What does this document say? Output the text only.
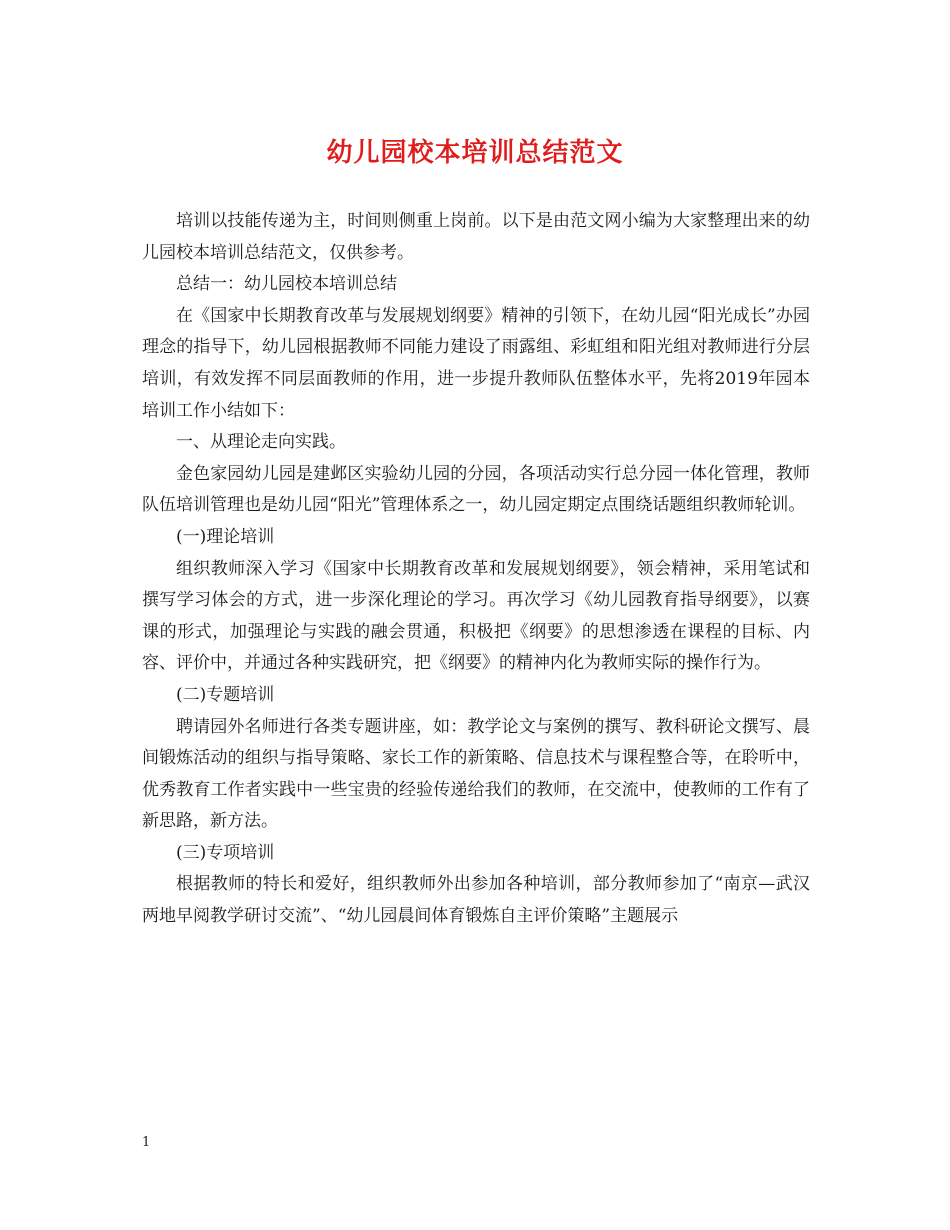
幼儿园校本培训总结范文

培训以技能传递为主，时间则侧重上岗前。以下是由范文网小编为大家整理出来的幼儿园校本培训总结范文，仅供参考。

总结一：幼儿园校本培训总结

在《国家中长期教育改革与发展规划纲要》精神的引领下，在幼儿园“阳光成长”办园理念的指导下，幼儿园根据教师不同能力建设了雨露组、彩虹组和阳光组对教师进行分层培训，有效发挥不同层面教师的作用，进一步提升教师队伍整体水平，先将2019年园本培训工作小结如下：

一、从理论走向实践。

金色家园幼儿园是建邺区实验幼儿园的分园，各项活动实行总分园一体化管理，教师队伍培训管理也是幼儿园“阳光”管理体系之一，幼儿园定期定点围绕话题组织教师轮训。

(一)理论培训

组织教师深入学习《国家中长期教育改革和发展规划纲要》，领会精神，采用笔试和撰写学习体会的方式，进一步深化理论的学习。再次学习《幼儿园教育指导纲要》，以赛课的形式，加强理论与实践的融会贯通，积极把《纲要》的思想渗透在课程的目标、内容、评价中，并通过各种实践研究，把《纲要》的精神内化为教师实际的操作行为。

(二)专题培训

聘请园外名师进行各类专题讲座，如：教学论文与案例的撰写、教科研论文撰写、晨间锻炼活动的组织与指导策略、家长工作的新策略、信息技术与课程整合等，在聆听中，优秀教育工作者实践中一些宝贵的经验传递给我们的教师，在交流中，使教师的工作有了新思路，新方法。

(三)专项培训

根据教师的特长和爱好，组织教师外出参加各种培训，部分教师参加了“南京—武汉两地早阅教学研讨交流”、“幼儿园晨间体育锻炼自主评价策略”主题展示

1
